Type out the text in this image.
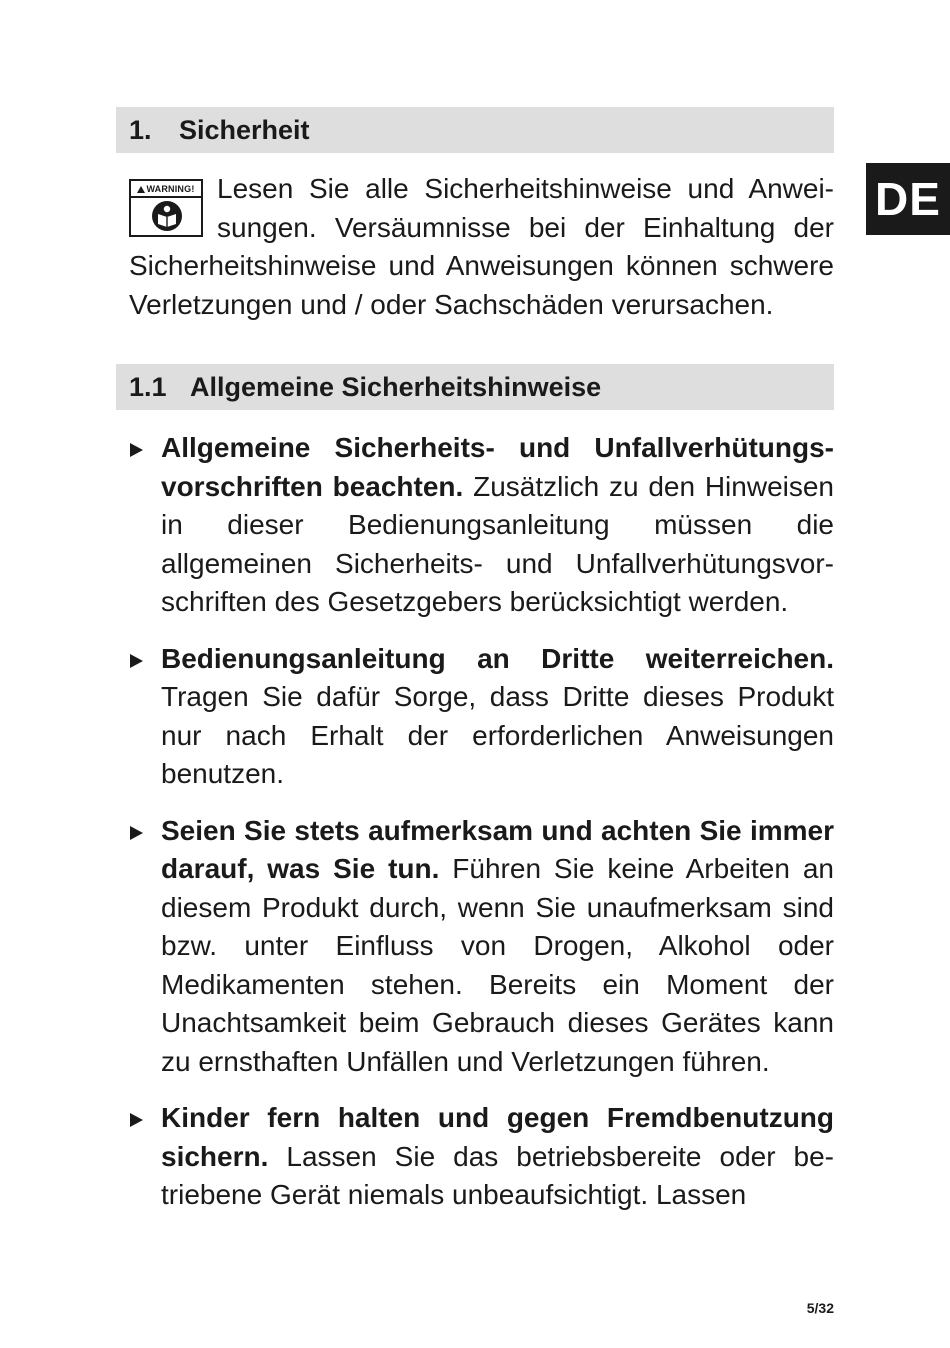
DE
1. Sicherheit
WARNING! Lesen Sie alle Sicherheitshinweise und Anweisungen. Versäumnisse bei der Einhaltung der Sicherheitshinweise und Anweisungen können schwere Verletzungen und / oder Sachschäden verursachen.
1.1 Allgemeine Sicherheitshinweise
Allgemeine Sicherheits- und Unfallverhütungsvorschriften beachten. Zusätzlich zu den Hinweisen in dieser Bedienungsanleitung müssen die allgemeinen Sicherheits- und Unfallverhütungsvorschriften des Gesetzgebers berücksichtigt werden.
Bedienungsanleitung an Dritte weiterreichen. Tragen Sie dafür Sorge, dass Dritte dieses Produkt nur nach Erhalt der erforderlichen Anweisungen benutzen.
Seien Sie stets aufmerksam und achten Sie immer darauf, was Sie tun. Führen Sie keine Arbeiten an diesem Produkt durch, wenn Sie unaufmerksam sind bzw. unter Einfluss von Drogen, Alkohol oder Medikamenten stehen. Bereits ein Moment der Unachtsamkeit beim Gebrauch dieses Gerätes kann zu ernsthaften Unfällen und Verletzungen führen.
Kinder fern halten und gegen Fremdbenutzung sichern. Lassen Sie das betriebsbereite oder betriebene Gerät niemals unbeaufsichtigt. Lassen
5/32
